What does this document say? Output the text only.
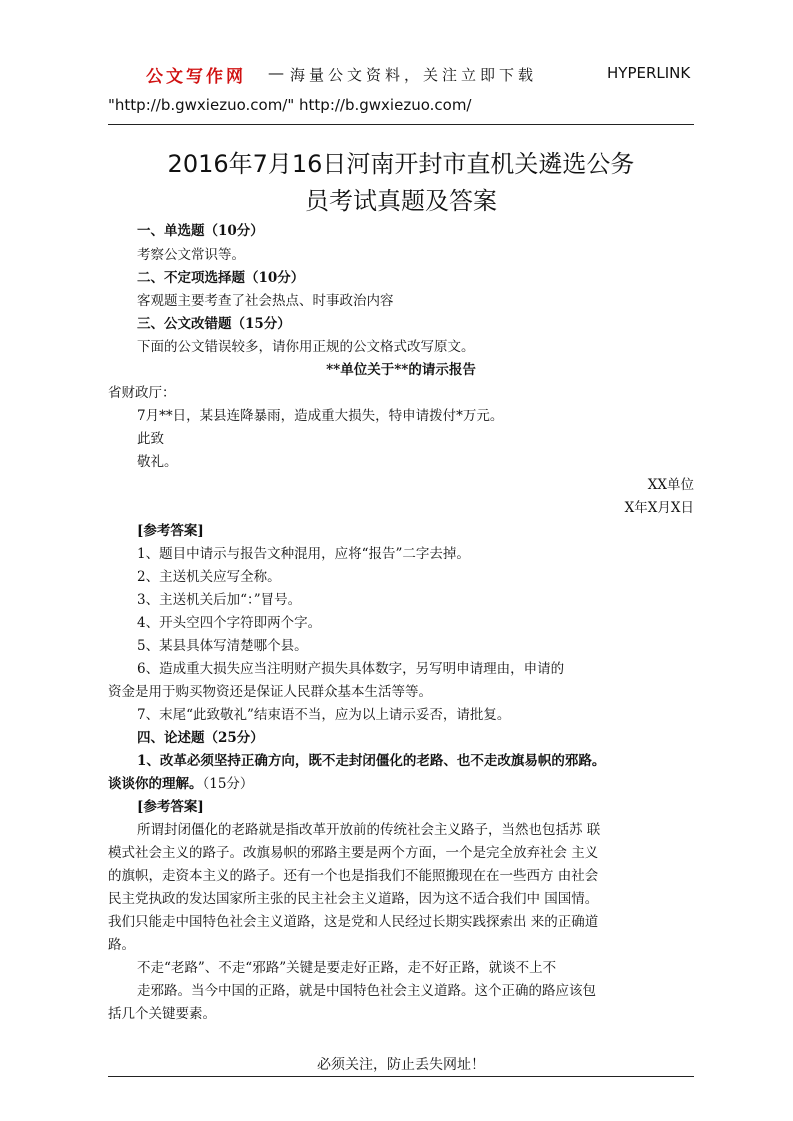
公文写作网 — 海量公文资料，关注立即下载	HYPERLINK
"http://b.gwxiezuo.com/" http://b.gwxiezuo.com/
2016年7月16日河南开封市直机关遴选公务
员考试真题及答案
一、单选题（10分）
考察公文常识等。
二、不定项选择题（10分）
客观题主要考查了社会热点、时事政治内容
三、公文改错题（15分）
下面的公文错误较多，请你用正规的公文格式改写原文。
**单位关于**的请示报告
省财政厅：
7月**日，某县连降暴雨，造成重大损失，特申请拨付*万元。
此致
敬礼。
XX单位
X年X月X日
[参考答案]
1、题目中请示与报告文种混用，应将“报告”二字去掉。
2、主送机关应写全称。
3、主送机关后加“：”冒号。
4、开头空四个字符即两个字。
5、某县具体写清楚哪个县。
6、造成重大损失应当注明财产损失具体数字，另写明申请理由，申请的
资金是用于购买物资还是保证人民群众基本生活等等。
7、末尾“此致敬礼”结束语不当，应为以上请示妥否，请批复。
四、论述题（25分）
1、改革必须坚持正确方向，既不走封闭僵化的老路、也不走改旗易帜的邪路。
谈谈你的理解。（15分）
[参考答案]
所谓封闭僵化的老路就是指改革开放前的传统社会主义路子，当然也包括苏 联
模式社会主义的路子。改旗易帜的邪路主要是两个方面，一个是完全放弃社会 主义
的旗帜，走资本主义的路子。还有一个也是指我们不能照搬现在在一些西方 由社会
民主党执政的发达国家所主张的民主社会主义道路，因为这不适合我们中 国国情。
我们只能走中国特色社会主义道路，这是党和人民经过长期实践探索出 来的正确道
路。
不走“老路”、不走“邪路”关键是要走好正路，走不好正路，就谈不上不
走邪路。当今中国的正路，就是中国特色社会主义道路。这个正确的路应该包
括几个关键要素。
必须关注，防止丢失网址！
